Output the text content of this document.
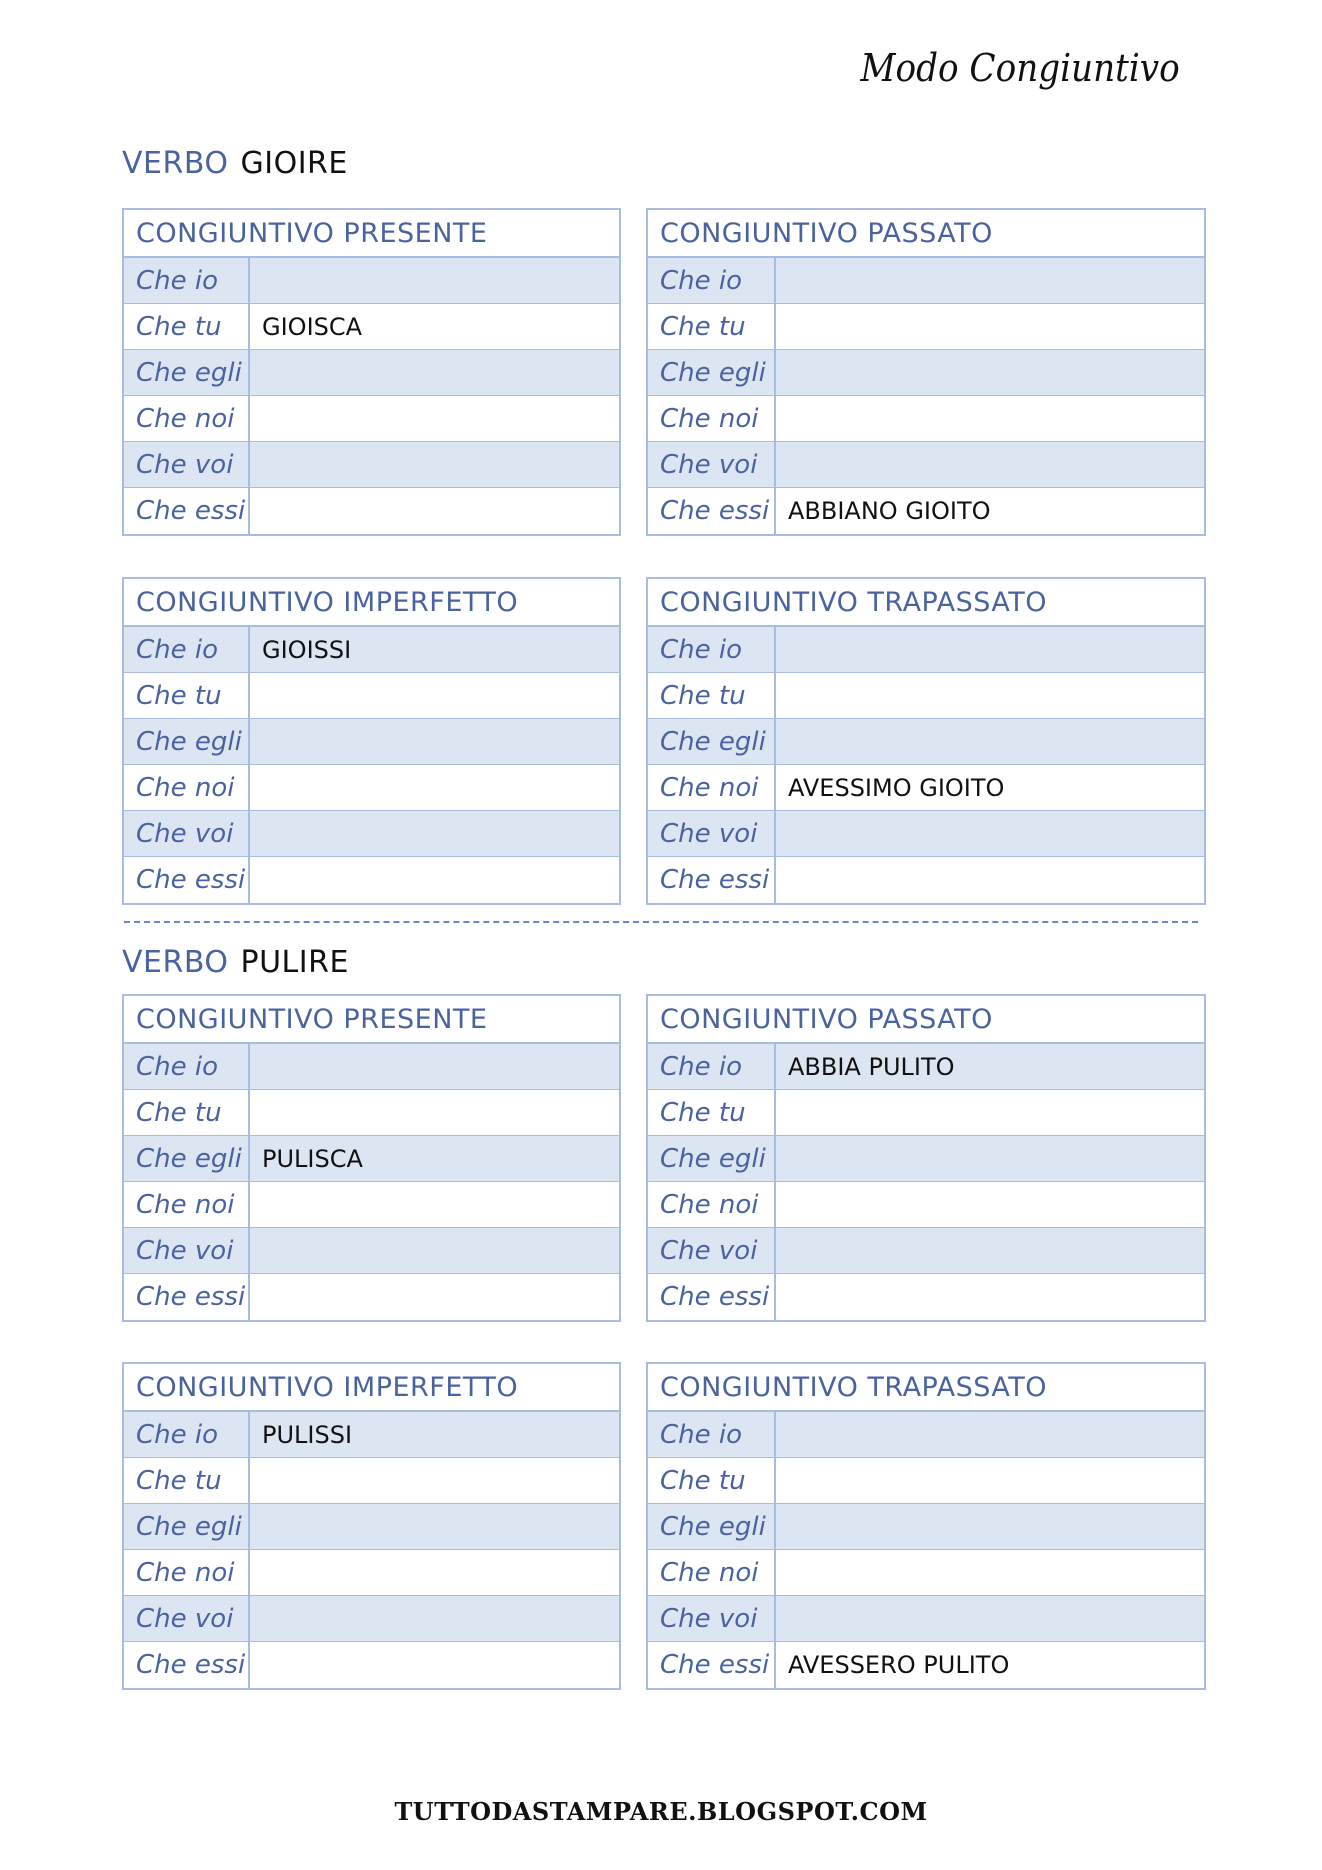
Modo Congiuntivo
VERBO GIOIRE
VERBO PULIRE
CONGIUNTIVO PRESENTE
Che io
Che tu	GIOISCA
Che egli
Che noi
Che voi
Che essi
CONGIUNTIVO PASSATO
Che io
Che tu
Che egli
Che noi
Che voi
Che essi ABBIANO GIOITO
CONGIUNTIVO IMPERFETTO
Che io	GIOISSI
Che tu
Che egli
Che noi
Che voi
Che essi
CONGIUNTIVO TRAPASSATO
Che io
Che tu
Che egli
Che noi	AVESSIMO GIOITO
Che voi
Che essi
CONGIUNTIVO PRESENTE
Che io
Che tu
Che egli PULISCA
Che noi
Che voi
Che essi
CONGIUNTIVO PASSATO
Che io	ABBIA PULITO
Che tu
Che egli
Che noi
Che voi
Che essi
CONGIUNTIVO IMPERFETTO
Che io	PULISSI
Che tu
Che egli
Che noi
Che voi
Che essi
CONGIUNTIVO TRAPASSATO
Che io
Che tu
Che egli
Che noi
Che voi
Che essi AVESSERO PULITO
TUTTODASTAMPARE.BLOGSPOT.COM
